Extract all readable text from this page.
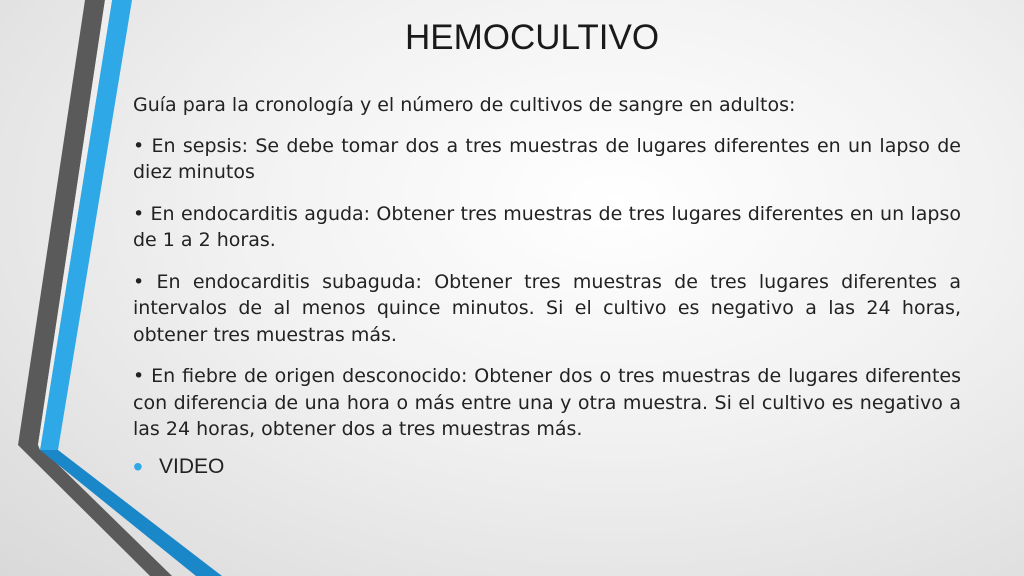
HEMOCULTIVO

Guía para la cronología y el número de cultivos de sangre en adultos:

• En sepsis: Se debe tomar dos a tres muestras de lugares diferentes en un lapso de diez minutos

• En endocarditis aguda: Obtener tres muestras de tres lugares diferentes en un lapso de 1 a 2 horas.

• En endocarditis subaguda: Obtener tres muestras de tres lugares diferentes a intervalos de al menos quince minutos. Si el cultivo es negativo a las 24 horas, obtener tres muestras más.

• En fiebre de origen desconocido: Obtener dos o tres muestras de lugares diferentes con diferencia de una hora o más entre una y otra muestra. Si el cultivo es negativo a las 24 horas, obtener dos a tres muestras más.

• VIDEO
